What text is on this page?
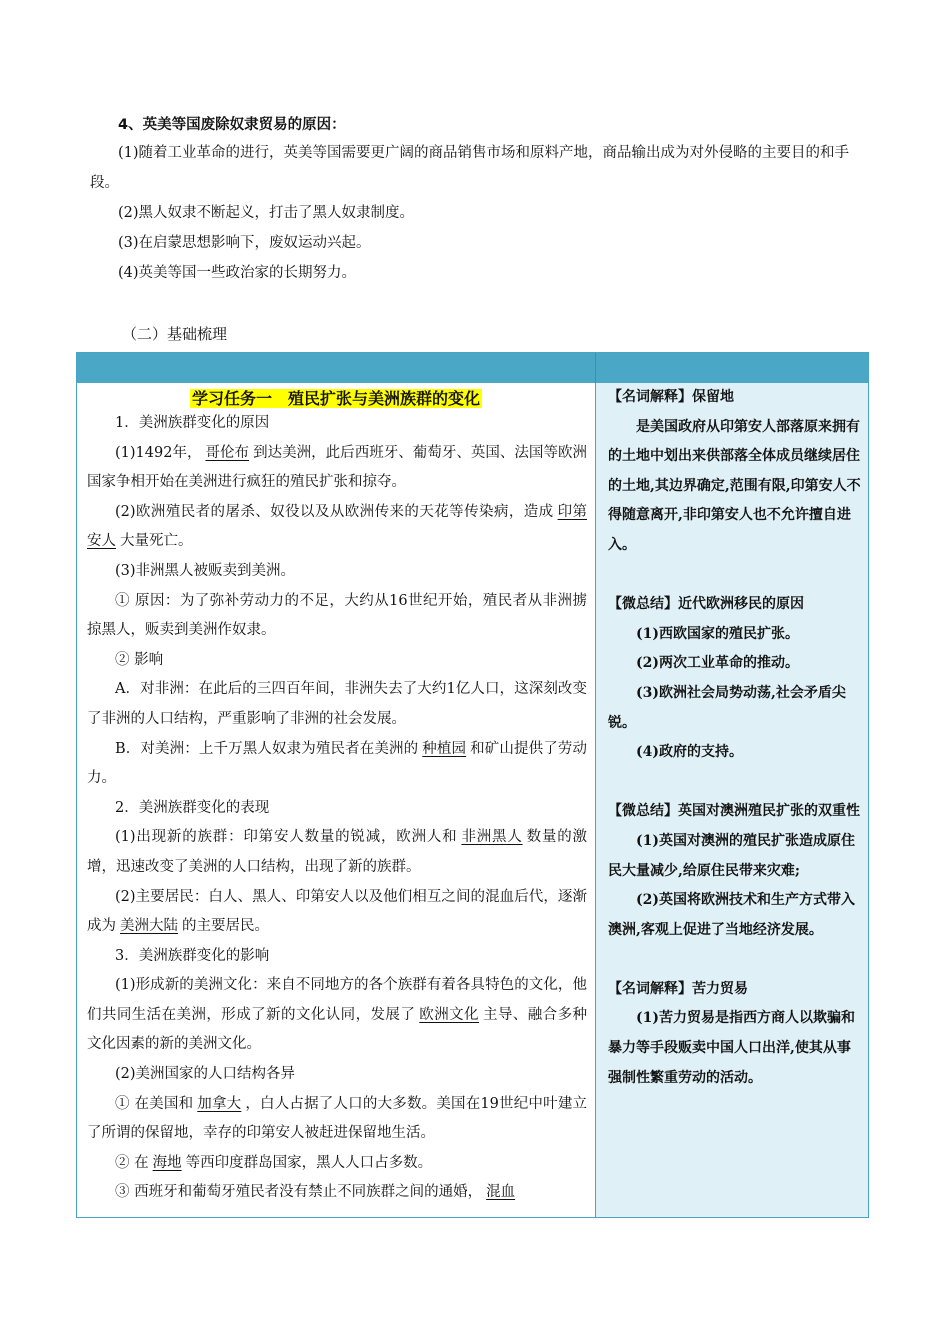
4、英美等国废除奴隶贸易的原因：

(1)随着工业革命的进行，英美等国需要更广阔的商品销售市场和原料产地，商品输出成为对外侵略的主要目的和手段。

(2)黑人奴隶不断起义，打击了黑人奴隶制度。

(3)在启蒙思想影响下，废奴运动兴起。

(4)英美等国一些政治家的长期努力。

（二）基础梳理
学习任务一　殖民扩张与美洲族群的变化

1．美洲族群变化的原因

(1)1492年， 哥伦布 到达美洲，此后西班牙、葡萄牙、英国、法国等欧洲国家争相开始在美洲进行疯狂的殖民扩张和掠夺。

(2)欧洲殖民者的屠杀、奴役以及从欧洲传来的天花等传染病，造成 印第安人 大量死亡。

(3)非洲黑人被贩卖到美洲。

① 原因：为了弥补劳动力的不足，大约从16世纪开始，殖民者从非洲掳掠黑人，贩卖到美洲作奴隶。

② 影响

A．对非洲：在此后的三四百年间，非洲失去了大约1亿人口，这深刻改变了非洲的人口结构，严重影响了非洲的社会发展。

B．对美洲：上千万黑人奴隶为殖民者在美洲的 种植园 和矿山提供了劳动力。

2．美洲族群变化的表现

(1)出现新的族群：印第安人数量的锐减，欧洲人和 非洲黑人 数量的激增，迅速改变了美洲的人口结构，出现了新的族群。

(2)主要居民：白人、黑人、印第安人以及他们相互之间的混血后代，逐渐成为 美洲大陆 的主要居民。

3．美洲族群变化的影响

(1)形成新的美洲文化：来自不同地方的各个族群有着各具特色的文化，他们共同生活在美洲，形成了新的文化认同，发展了 欧洲文化 主导、融合多种文化因素的新的美洲文化。

(2)美洲国家的人口结构各异

① 在美国和 加拿大 ，白人占据了人口的大多数。美国在19世纪中叶建立了所谓的保留地，幸存的印第安人被赶进保留地生活。

② 在 海地 等西印度群岛国家，黑人人口占多数。

③ 西班牙和葡萄牙殖民者没有禁止不同族群之间的通婚， 混血

【名词解释】保留地

是美国政府从印第安人部落原来拥有的土地中划出来供部落全体成员继续居住的土地,其边界确定,范围有限,印第安人不得随意离开,非印第安人也不允许擅自进入。

【微总结】近代欧洲移民的原因

(1)西欧国家的殖民扩张。

(2)两次工业革命的推动。

(3)欧洲社会局势动荡,社会矛盾尖锐。

(4)政府的支持。

【微总结】英国对澳洲殖民扩张的双重性

(1)英国对澳洲的殖民扩张造成原住民大量减少,给原住民带来灾难;

(2)英国将欧洲技术和生产方式带入澳洲,客观上促进了当地经济发展。

【名词解释】苦力贸易

(1)苦力贸易是指西方商人以欺骗和暴力等手段贩卖中国人口出洋,使其从事强制性繁重劳动的活动。
